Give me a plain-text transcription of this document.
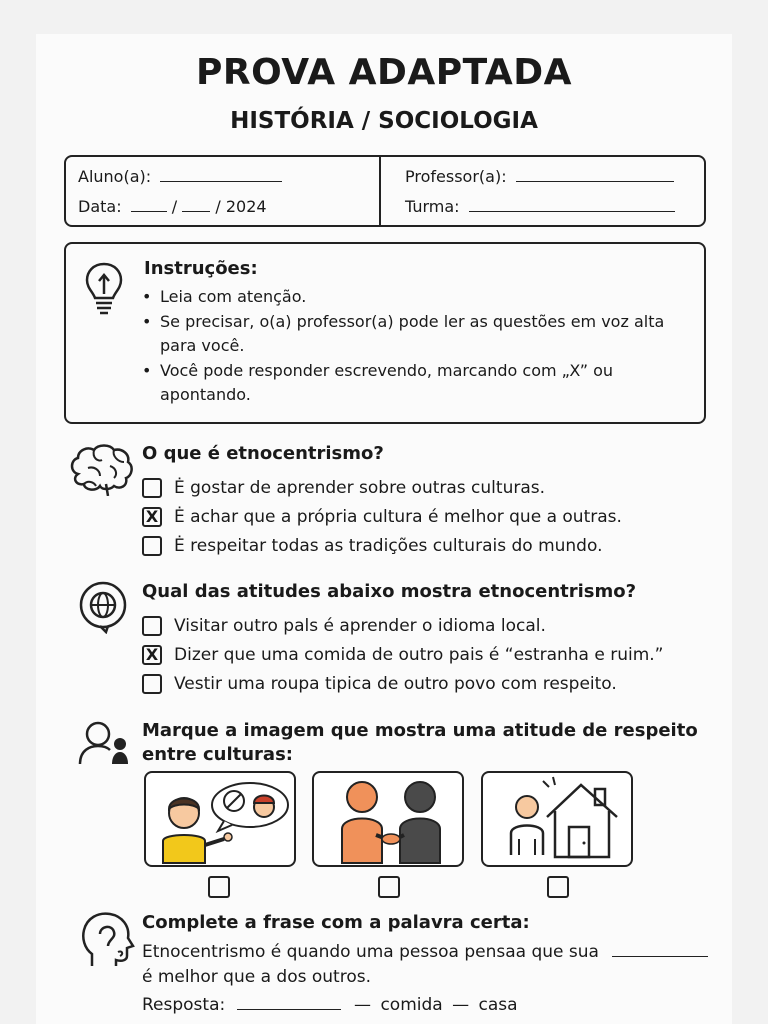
PROVA ADAPTADA
HISTÓRIA / SOCIOLOGIA
Aluno(a):
Data:	/ / 2024
Professor(a):
Turma:
Instruções:
• Leia com atenção.
• Se precisar, o(a) professor(a) pode ler as questões em voz alta para você.
• Você pode responder escrevendo, marcando com „X” ou apontando.
O que é etnocentrismo?
Ė gostar de aprender sobre outras culturas.
X Ė achar que a própria cultura é melhor que a outras.
Ė respeitar todas as tradições culturais do mundo.
Qual das atitudes abaixo mostra etnocentrismo?
Visitar outro pals é aprender o idioma local.
X Dizer que uma comida de outro pais é “estranha e ruim.”
Vestir uma roupa tipica de outro povo com respeito.
Marque a imagem que mostra uma atitude de respeito
entre culturas:
Complete a frase com a palavra certa:
Etnocentrismo é quando uma pessoa pensaa que sua
é melhor que a dos outros.
Resposta:	— comida — casa
